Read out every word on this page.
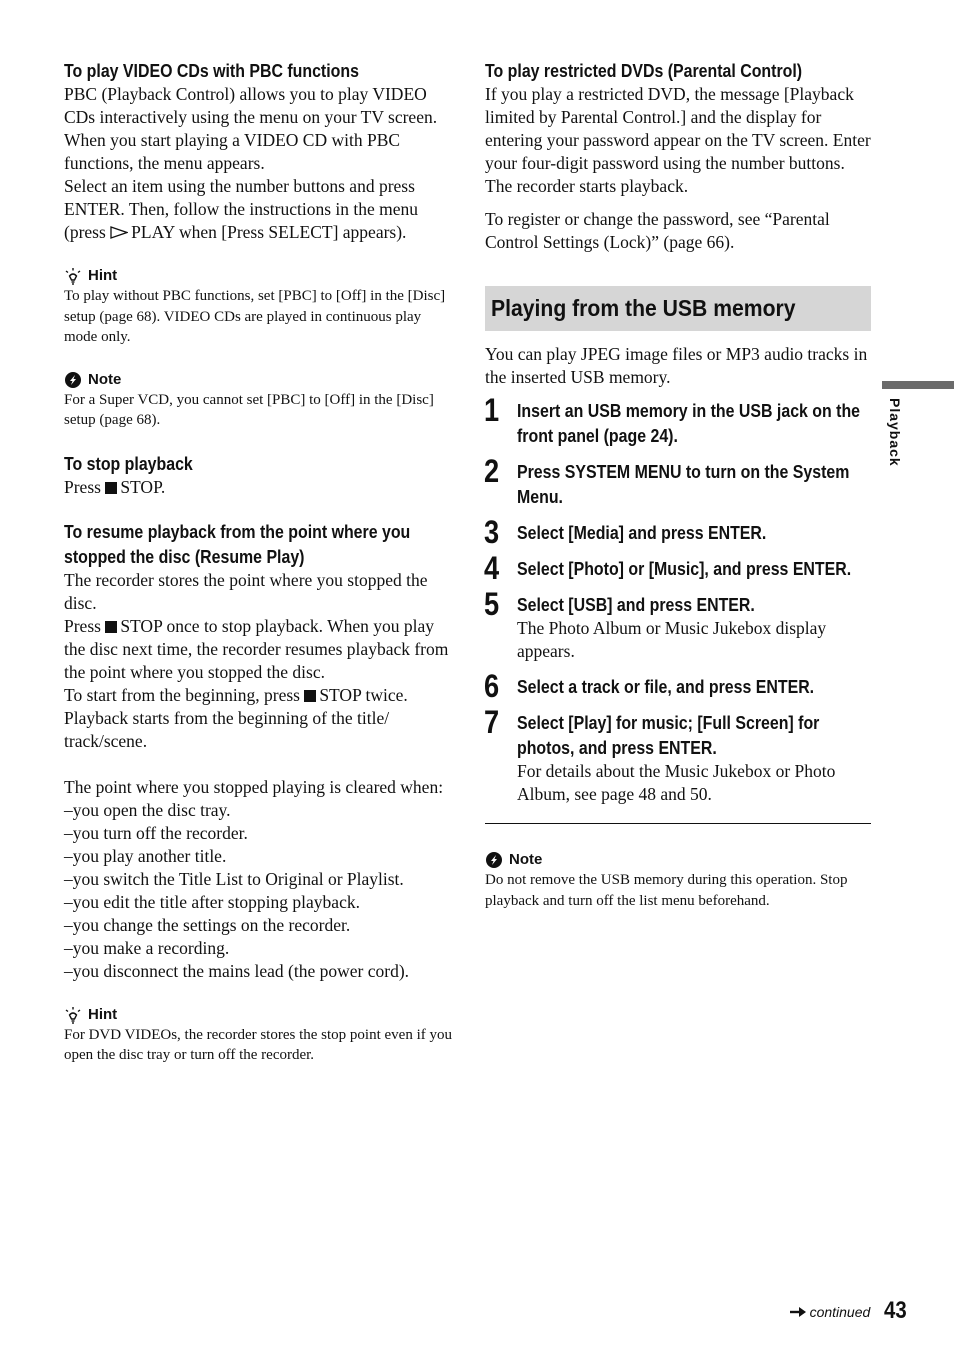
To play VIDEO CDs with PBC functions

PBC (Playback Control) allows you to play VIDEO CDs interactively using the menu on your TV screen.

When you start playing a VIDEO CD with PBC functions, the menu appears.

Select an item using the number buttons and press ENTER. Then, follow the instructions in the menu (press PLAY when [Press SELECT] appears).

Hint

To play without PBC functions, set [PBC] to [Off] in the [Disc] setup (page 68). VIDEO CDs are played in continuous play mode only.

Note

For a Super VCD, you cannot set [PBC] to [Off] in the [Disc] setup (page 68).

To stop playback

Press STOP.

To resume playback from the point where you stopped the disc (Resume Play)

The recorder stores the point where you stopped the disc.

Press STOP once to stop playback. When you play the disc next time, the recorder resumes playback from the point where you stopped the disc.

To start from the beginning, press STOP twice. Playback starts from the beginning of the title/ track/scene.

The point where you stopped playing is cleared when:

– you open the disc tray.
– you turn off the recorder.
– you play another title.
– you switch the Title List to Original or Playlist.
– you edit the title after stopping playback.
– you change the settings on the recorder.
– you make a recording.
– you disconnect the mains lead (the power cord).

Hint

For DVD VIDEOs, the recorder stores the stop point even if you open the disc tray or turn off the recorder.

To play restricted DVDs (Parental Control)

If you play a restricted DVD, the message [Playback limited by Parental Control.] and the display for entering your password appear on the TV screen. Enter your four-digit password using the number buttons. The recorder starts playback.

To register or change the password, see “Parental Control Settings (Lock)” (page 66).

Playing from the USB memory

You can play JPEG image files or MP3 audio tracks in the inserted USB memory.

1 Insert an USB memory in the USB jack on the front panel (page 24).

2 Press SYSTEM MENU to turn on the System Menu.

3 Select [Media] and press ENTER.

4 Select [Photo] or [Music], and press ENTER.

5 Select [USB] and press ENTER.

The Photo Album or Music Jukebox display appears.

6 Select a track or file, and press ENTER.

7 Select [Play] for music; [Full Screen] for photos, and press ENTER.

For details about the Music Jukebox or Photo Album, see page 48 and 50.

Note

Do not remove the USB memory during this operation. Stop playback and turn off the list menu beforehand.

Playback
continued 43
